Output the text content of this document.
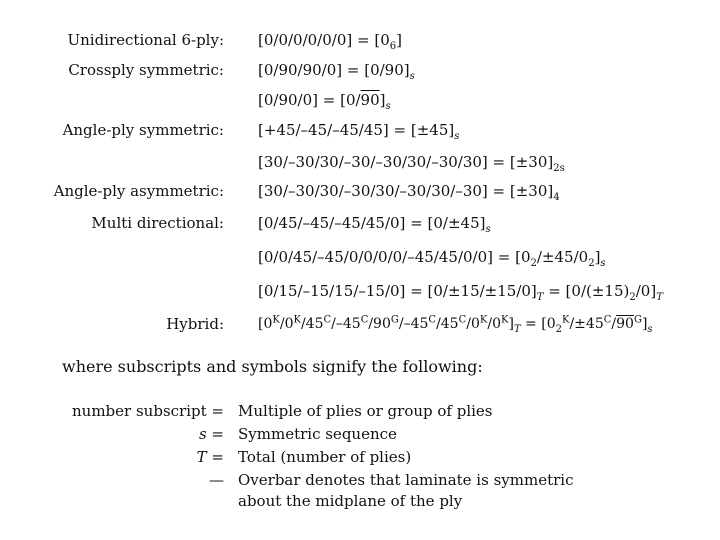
Unidirectional 6-ply: $[0/0/0/0/0/0] = [0_6]$
Crossply symmetric: $[0/90/90/0] = [0/90]_s$
$[0/90/0] = [0/90]_s$
Angle-ply symmetric: $[+45/-45/-45/45] = [\pm 45]_s$
$[30/-30/30/-30/-30/30/-30/30] = [\pm 30]_{2s}$
Angle-ply asymmetric: $[30/-30/30/-30/30/-30/30/-30] = [\pm 30]_4$
Multi directional: $[0/45/-45/-45/45/0] = [0/\pm 45]_s$
$[0/0/45/-45/0/0/0/0/-45/45/0/0] = [0_2/\pm 45/0_2]_s$
$[0/15/-15/15/-15/0] = [0/\pm 15/\pm 15/0]_T = [0/(\pm 15)_2/0]_T$
Hybrid: $[0^K/0^K/45^C/-45^C/90^G/-45^C/45^C/0^K/0^K]_T = [0_2^K/\pm 45^C/90^G]_s$
where subscripts and symbols signify the following:
number subscript = Multiple of plies or group of plies
s = Symmetric sequence
T = Total (number of plies)
— Overbar denotes that laminate is symmetric
about the midplane of the ply
